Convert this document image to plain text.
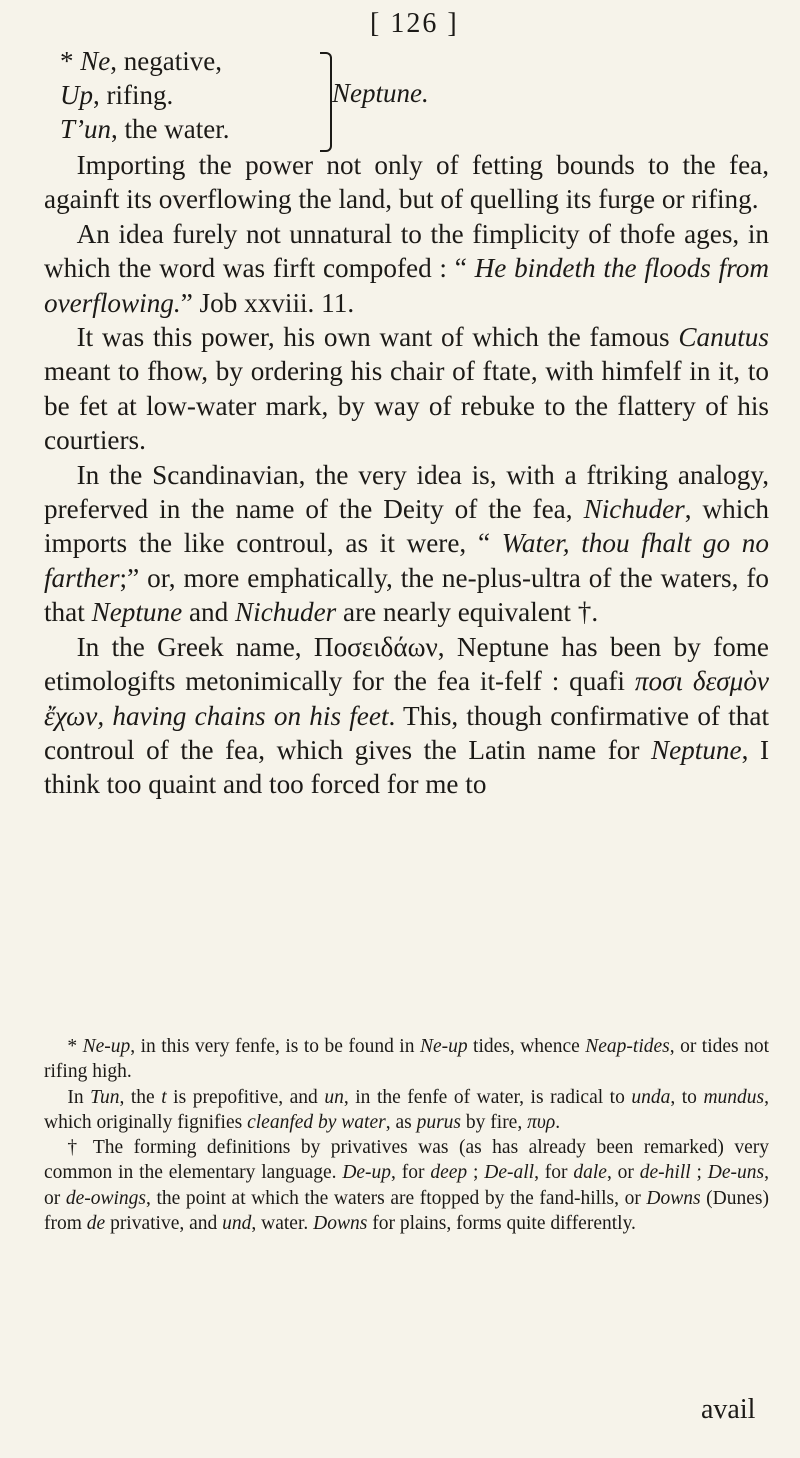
[ 126 ]
* Ne, negative,
Up, rifing.
T’un, the water.
Neptune.

Importing the power not only of fetting bounds to the fea, againft its overflowing the land, but of quelling its furge or rifing.

An idea furely not unnatural to the fimplicity of thofe ages, in which the word was firft compofed : “ He bindeth the floods from overflowing.” Job xxviii. 11.

It was this power, his own want of which the famous Canutus meant to fhow, by ordering his chair of ftate, with himfelf in it, to be fet at low-water mark, by way of rebuke to the flattery of his courtiers.

In the Scandinavian, the very idea is, with a ftriking analogy, preferved in the name of the Deity of the fea, Nichuder, which imports the like controul, as it were, “ Water, thou fhalt go no farther;” or, more emphatically, the ne-plus-ultra of the waters, fo that Neptune and Nichuder are nearly equivalent †.

In the Greek name, Ποσειδάων, Neptune has been by fome etimologifts metonimically for the fea it-felf : quafi ποσι δεσμὸν ἔχων, having chains on his feet. This, though confirmative of that controul of the fea, which gives the Latin name for Neptune, I think too quaint and too forced for me to

* Ne-up, in this very fenfe, is to be found in Ne-up tides, whence Neap-tides, or tides not rifing high.

In Tun, the t is prepofitive, and un, in the fenfe of water, is radical to unda, to mundus, which originally fignifies cleanfed by water, as purus by fire, πυρ.

† The forming definitions by privatives was (as has already been remarked) very common in the elementary language. De-up, for deep ; De-all, for dale, or de-hill ; De-uns, or de-owings, the point at which the waters are ftopped by the fand-hills, or Downs (Dunes) from de privative, and und, water. Downs for plains, forms quite differently.

avail
